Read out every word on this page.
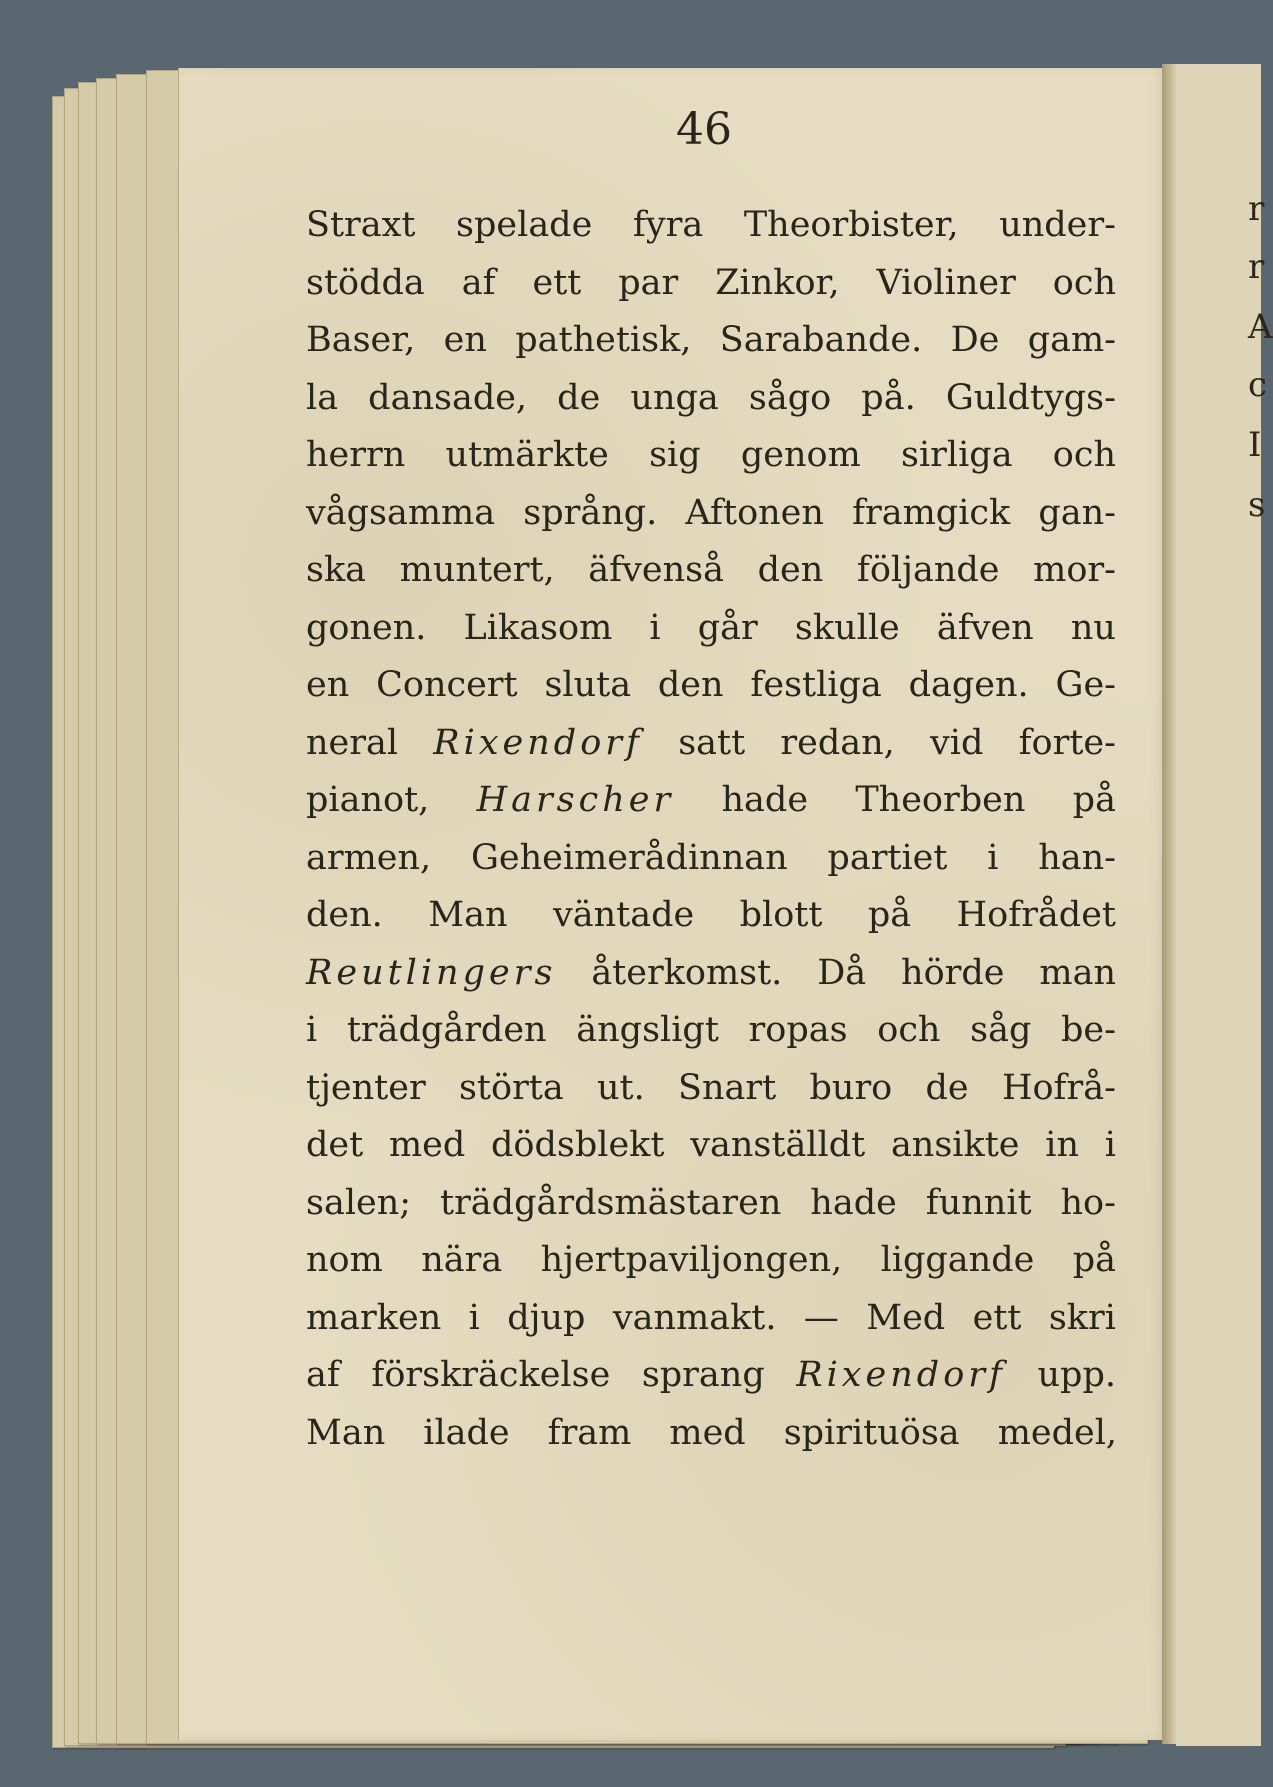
r
r
A
c
I
s
46
Straxt spelade fyra Theorbister, under-
stödda af ett par Zinkor, Violiner och
Baser, en pathetisk, Sarabande. De gam-
la dansade, de unga sågo på. Guldtygs-
herrn utmärkte sig genom sirliga och
vågsamma språng. Aftonen framgick gan-
ska muntert, äfvenså den följande mor-
gonen. Likasom i går skulle äfven nu
en Concert sluta den festliga dagen. Ge-
neral Rixendorf satt redan, vid forte-
pianot, Harscher hade Theorben på
armen, Geheimerådinnan partiet i han-
den. Man väntade blott på Hofrådet
Reutlingers återkomst. Då hörde man
i trädgården ängsligt ropas och såg be-
tjenter störta ut. Snart buro de Hofrå-
det med dödsblekt vanställdt ansikte in i
salen; trädgårdsmästaren hade funnit ho-
nom nära hjertpaviljongen, liggande på
marken i djup vanmakt. — Med ett skri
af förskräckelse sprang Rixendorf upp.
Man ilade fram med spirituösa medel,
